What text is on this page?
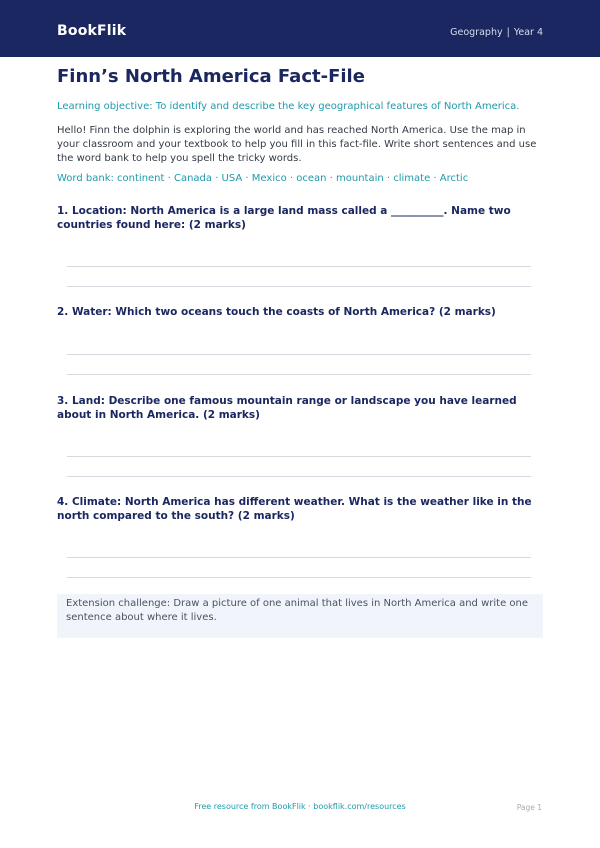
BookFlik	Geography | Year 4
Finn’s North America Fact-File
Learning objective: To identify and describe the key geographical features of North America.
Hello! Finn the dolphin is exploring the world and has reached North America. Use the map in your classroom and your textbook to help you fill in this fact-file. Write short sentences and use the word bank to help you spell the tricky words.
Word bank: continent · Canada · USA · Mexico · ocean · mountain · climate · Arctic
1. Location: North America is a large land mass called a __________. Name two countries found here: (2 marks)
2. Water: Which two oceans touch the coasts of North America? (2 marks)
3. Land: Describe one famous mountain range or landscape you have learned about in North America. (2 marks)
4. Climate: North America has different weather. What is the weather like in the north compared to the south? (2 marks)
Extension challenge: Draw a picture of one animal that lives in North America and write one sentence about where it lives.
Free resource from BookFlik · bookflik.com/resources	Page 1
